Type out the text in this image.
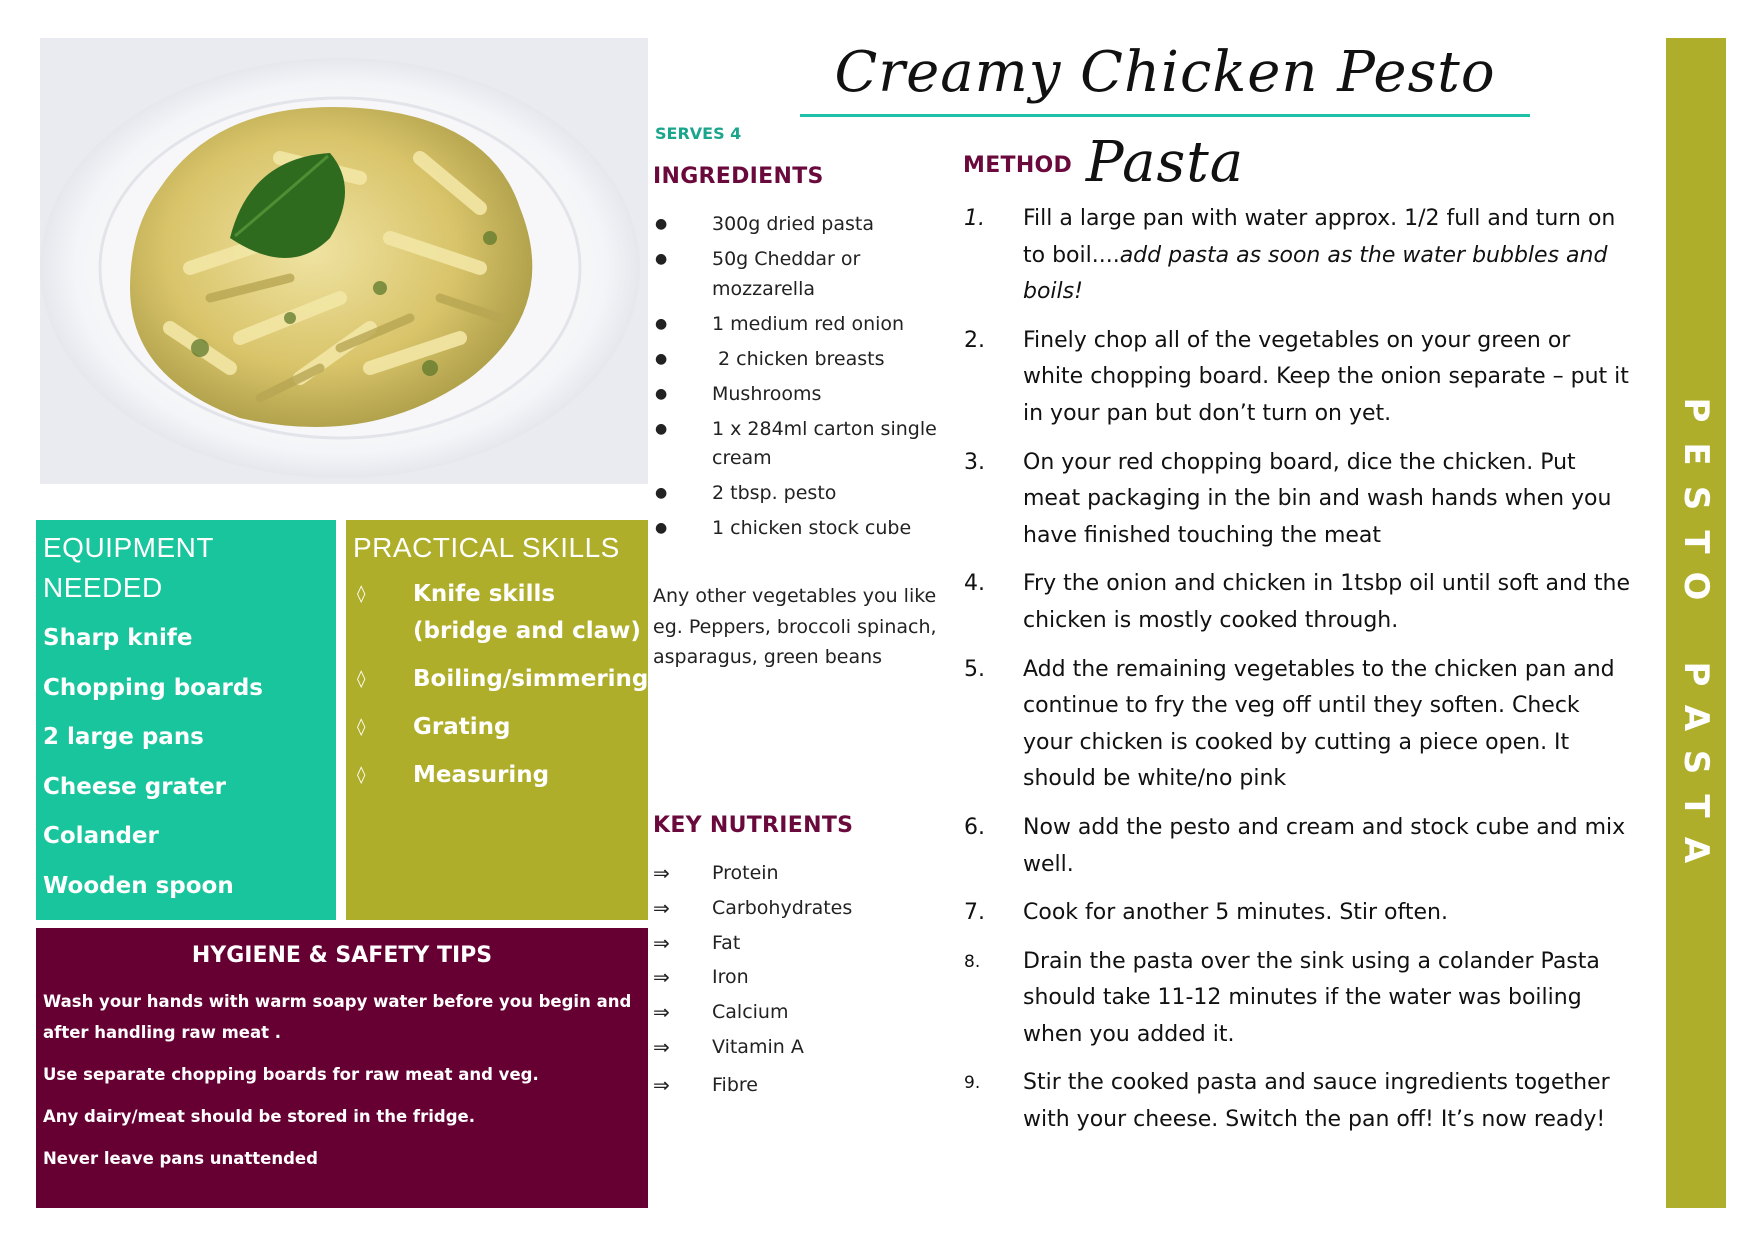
Creamy Chicken Pesto Pasta
P
E
S
T
O
P
A
S
T
A
SERVES 4
INGREDIENTS
● 300g dried pasta
● 50g Cheddar or mozzarella
● 1 medium red onion
● 2 chicken breasts
● Mushrooms
● 1 x 284ml carton single cream
● 2 tbsp. pesto
● 1 chicken stock cube
Any other vegetables you like eg. Peppers, broccoli spinach, asparagus, green beans
KEY NUTRIENTS
⇒ Protein
⇒ Carbohydrates
⇒ Fat
⇒ Iron
⇒ Calcium
⇒ Vitamin A
⇒ Fibre
METHOD
1. Fill a large pan with water approx. 1/2 full and turn on to boil....add pasta as soon as the water bubbles and boils!
2. Finely chop all of the vegetables on your green or white chopping board. Keep the onion separate – put it in your pan but don’t turn on yet.
3. On your red chopping board, dice the chicken. Put meat packaging in the bin and wash hands when you have finished touching the meat
4. Fry the onion and chicken in 1tsbp oil until soft and the chicken is mostly cooked through.
5. Add the remaining vegetables to the chicken pan and continue to fry the veg off until they soften. Check your chicken is cooked by cutting a piece open. It should be white/no pink
6. Now add the pesto and cream and stock cube and mix well.
7. Cook for another 5 minutes. Stir often.
8. Drain the pasta over the sink using a colander Pasta should take 11-12 minutes if the water was boiling when you added it.
9. Stir the cooked pasta and sauce ingredients together with your cheese. Switch the pan off! It’s now ready!
EQUIPMENT NEEDED
Sharp knife
Chopping boards
2 large pans
Cheese grater
Colander
Wooden spoon
PRACTICAL SKILLS
◊ Knife skills (bridge and claw)
◊ Boiling/simmering
◊ Grating
◊ Measuring
HYGIENE & SAFETY TIPS

Wash your hands with warm soapy water before you begin and after handling raw meat .

Use separate chopping boards for raw meat and veg.

Any dairy/meat should be stored in the fridge.

Never leave pans unattended
